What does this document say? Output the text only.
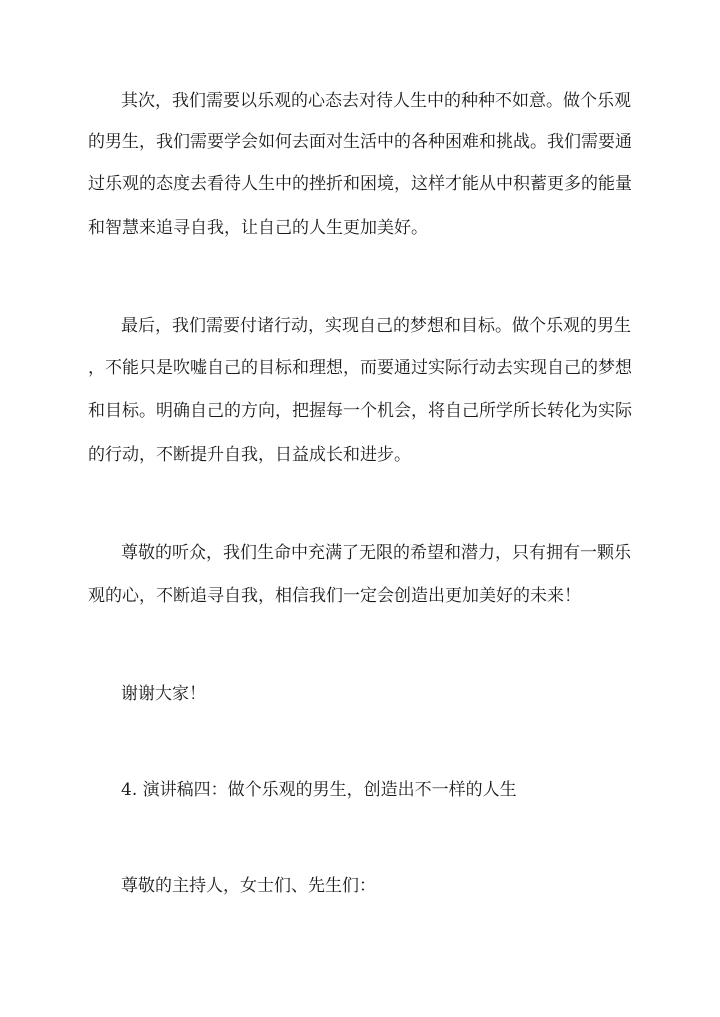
其次，我们需要以乐观的心态去对待人生中的种种不如意。做个乐观
的男生，我们需要学会如何去面对生活中的各种困难和挑战。我们需要通
过乐观的态度去看待人生中的挫折和困境，这样才能从中积蓄更多的能量
和智慧来追寻自我，让自己的人生更加美好。
最后，我们需要付诸行动，实现自己的梦想和目标。做个乐观的男生
，不能只是吹嘘自己的目标和理想，而要通过实际行动去实现自己的梦想
和目标。明确自己的方向，把握每一个机会，将自己所学所长转化为实际
的行动，不断提升自我，日益成长和进步。
尊敬的听众，我们生命中充满了无限的希望和潜力，只有拥有一颗乐
观的心，不断追寻自我，相信我们一定会创造出更加美好的未来！
谢谢大家！
4. 演讲稿四：做个乐观的男生，创造出不一样的人生
尊敬的主持人，女士们、先生们：
